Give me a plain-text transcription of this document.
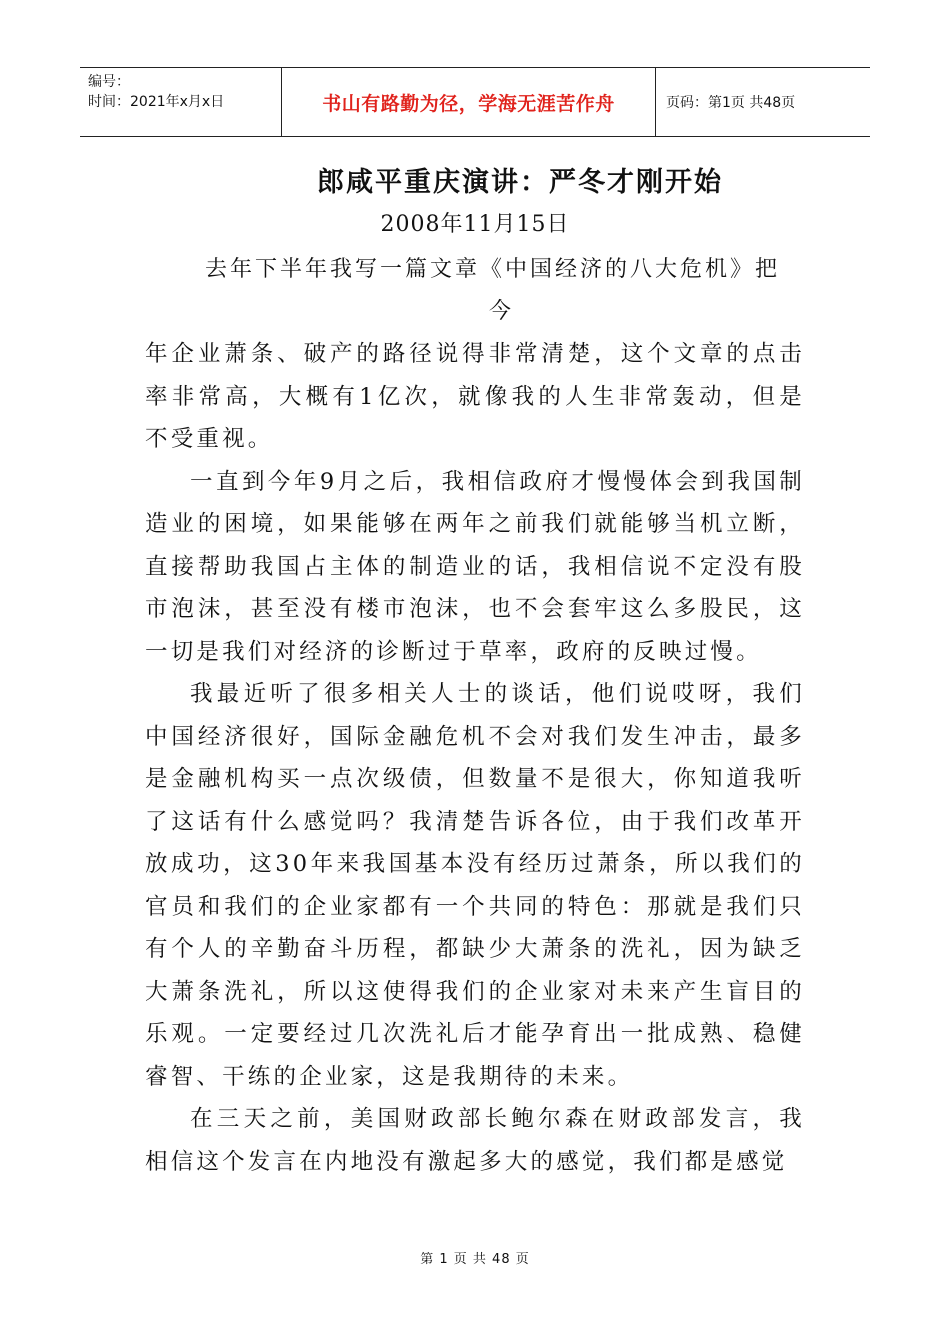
编号：
时间：2021年x月x日	书山有路勤为径，学海无涯苦作舟	页码：第1页 共48页
郎咸平重庆演讲：严冬才刚开始
2008年11月15日
去年下半年我写一篇文章《中国经济的八大危机》把
今

年企业萧条、破产的路径说得非常清楚，这个文章的点击率非常高，大概有1亿次，就像我的人生非常轰动，但是不受重视。

一直到今年9月之后，我相信政府才慢慢体会到我国制造业的困境，如果能够在两年之前我们就能够当机立断，直接帮助我国占主体的制造业的话，我相信说不定没有股市泡沫，甚至没有楼市泡沫，也不会套牢这么多股民，这一切是我们对经济的诊断过于草率，政府的反映过慢。

我最近听了很多相关人士的谈话，他们说哎呀，我们中国经济很好，国际金融危机不会对我们发生冲击，最多是金融机构买一点次级债，但数量不是很大，你知道我听了这话有什么感觉吗？我清楚告诉各位，由于我们改革开放成功，这30年来我国基本没有经历过萧条，所以我们的官员和我们的企业家都有一个共同的特色：那就是我们只有个人的辛勤奋斗历程，都缺少大萧条的洗礼，因为缺乏大萧条洗礼，所以这使得我们的企业家对未来产生盲目的乐观。一定要经过几次洗礼后才能孕育出一批成熟、稳健睿智、干练的企业家，这是我期待的未来。

在三天之前，美国财政部长鲍尔森在财政部发言，我相信这个发言在内地没有激起多大的感觉，我们都是感觉

第 1 页 共 48 页
